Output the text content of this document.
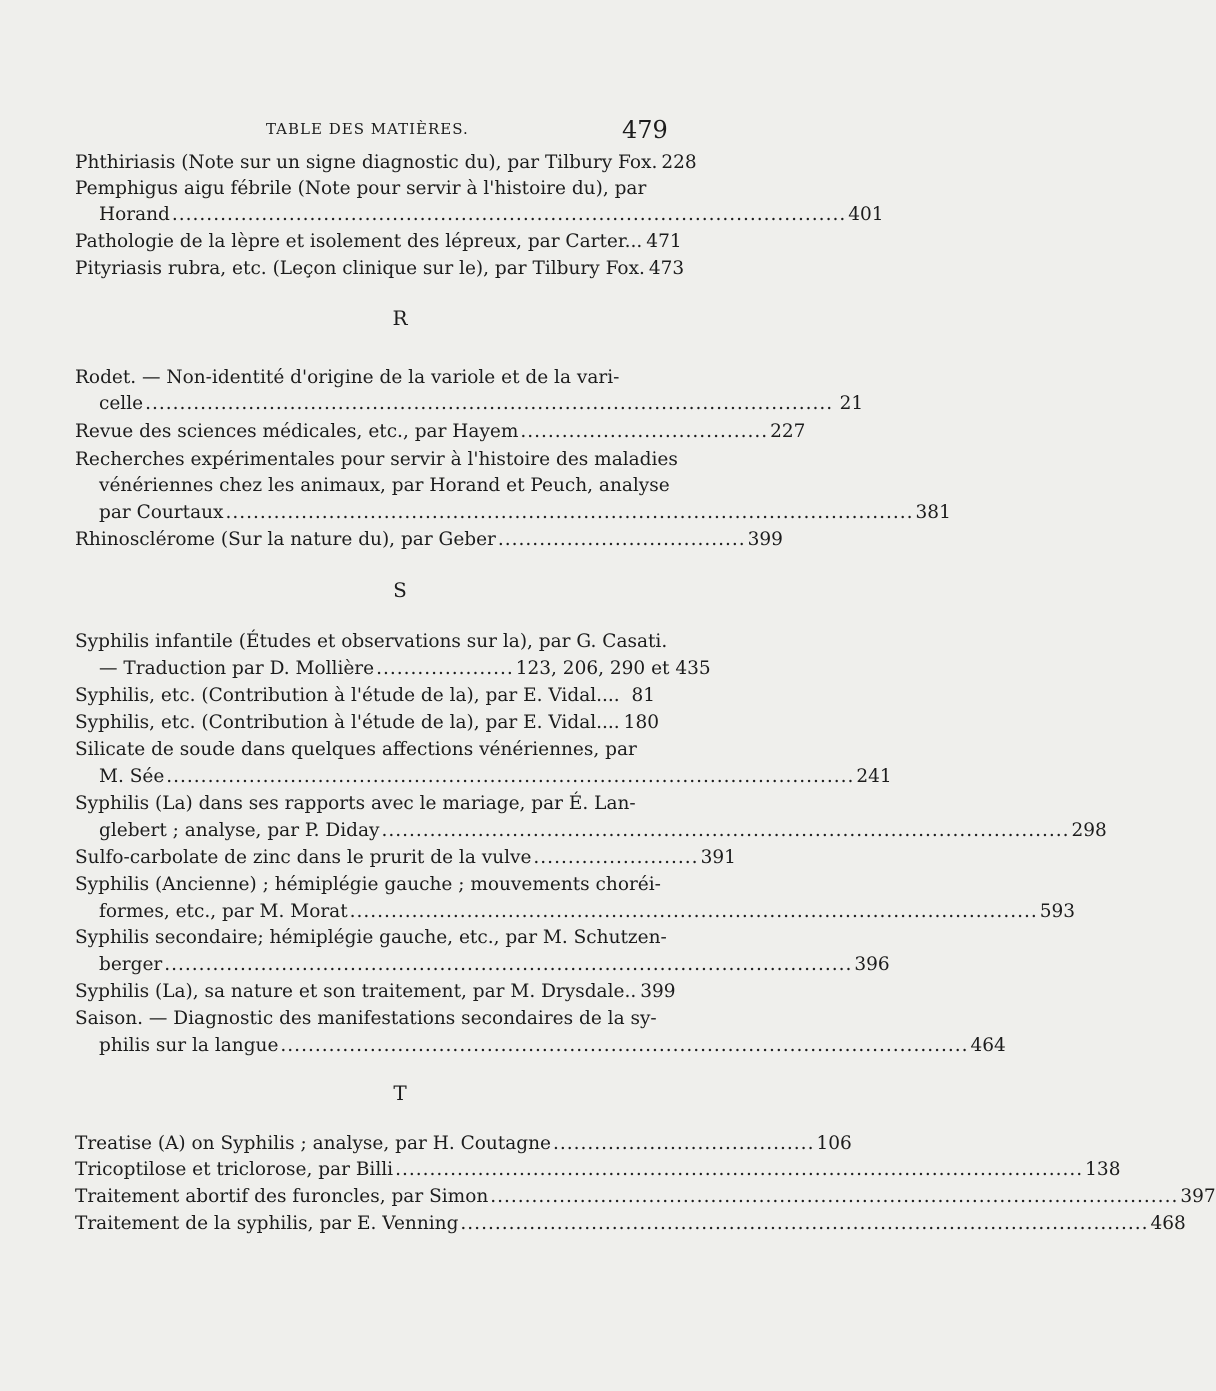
TABLE DES MATIÈRES.	479
Phthiriasis (Note sur un signe diagnostic du), par Tilbury Fox. 228
Pemphigus aigu fébrile (Note pour servir à l'histoire du), par
Horand .................................................................................................. 401
Pathologie de la lèpre et isolement des lépreux, par Carter... 471
Pityriasis rubra, etc. (Leçon clinique sur le), par Tilbury Fox. 473
R
Rodet. — Non-identité d'origine de la variole et de la vari-
celle .................................................................................................... 21
Revue des sciences médicales, etc., par Hayem .................................... 227
Recherches expérimentales pour servir à l'histoire des maladies
vénériennes chez les animaux, par Horand et Peuch, analyse
par Courtaux .................................................................................................... 381
Rhinosclérome (Sur la nature du), par Geber .................................... 399
S
Syphilis infantile (Études et observations sur la), par G. Casati.
— Traduction par D. Mollière .................... 123, 206, 290 et 435
Syphilis, etc. (Contribution à l'étude de la), par E. Vidal.... 81
Syphilis, etc. (Contribution à l'étude de la), par E. Vidal.... 180
Silicate de soude dans quelques affections vénériennes, par
M. Sée .................................................................................................... 241
Syphilis (La) dans ses rapports avec le mariage, par É. Lan-
glebert ; analyse, par P. Diday .................................................................................................... 298
Sulfo-carbolate de zinc dans le prurit de la vulve ........................ 391
Syphilis (Ancienne) ; hémiplégie gauche ; mouvements choréi-
formes, etc., par M. Morat .................................................................................................... 593
Syphilis secondaire; hémiplégie gauche, etc., par M. Schutzen-
berger .................................................................................................... 396
Syphilis (La), sa nature et son traitement, par M. Drysdale.. 399
Saison. — Diagnostic des manifestations secondaires de la sy-
philis sur la langue .................................................................................................... 464
T
Treatise (A) on Syphilis ; analyse, par H. Coutagne ...................................... 106
Tricoptilose et triclorose, par Billi .................................................................................................... 138
Traitement abortif des furoncles, par Simon .................................................................................................... 397
Traitement de la syphilis, par E. Venning .................................................................................................... 468
